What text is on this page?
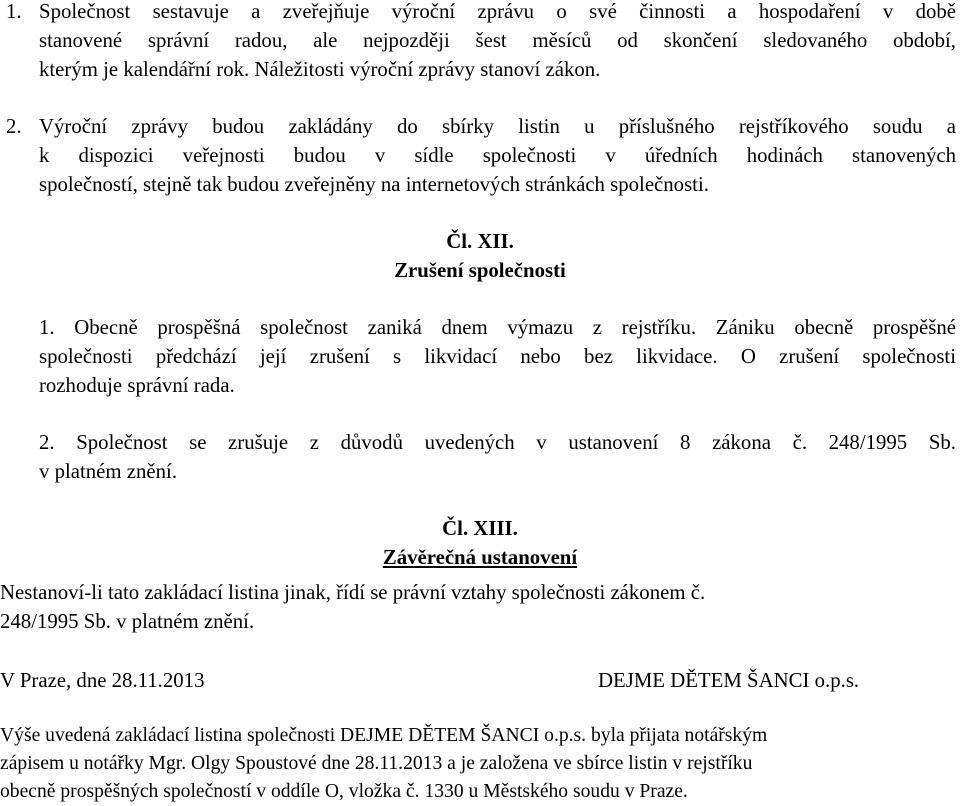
1. Společnost sestavuje a zveřejňuje výroční zprávu o své činnosti a hospodaření v době
stanovené správní radou, ale nejpozději šest měsíců od skončení sledovaného období,
kterým je kalendářní rok. Náležitosti výroční zprávy stanoví zákon.
2. Výroční zprávy budou zakládány do sbírky listin u příslušného rejstříkového soudu a
k dispozici veřejnosti budou v sídle společnosti v úředních hodinách stanovených
společností, stejně tak budou zveřejněny na internetových stránkách společnosti.
Čl. XII.
Zrušení společnosti
1. Obecně prospěšná společnost zaniká dnem výmazu z rejstříku. Zániku obecně prospěšné
společnosti předchází její zrušení s likvidací nebo bez likvidace. O zrušení společnosti
rozhoduje správní rada.
2. Společnost se zrušuje z důvodů uvedených v ustanovení 8 zákona č. 248/1995 Sb.
v platném znění.
Čl. XIII.
Závěrečná ustanovení
Nestanoví-li tato zakládací listina jinak, řídí se právní vztahy společnosti zákonem č.
248/1995 Sb. v platném znění.
V Praze, dne 28.11.2013	DEJME DĚTEM ŠANCI o.p.s.
Výše uvedená zakládací listina společnosti DEJME DĚTEM ŠANCI o.p.s. byla přijata notářským
zápisem u notářky Mgr. Olgy Spoustové dne 28.11.2013 a je založena ve sbírce listin v rejstříku
obecně prospěšných společností v oddíle O, vložka č. 1330 u Městského soudu v Praze.
